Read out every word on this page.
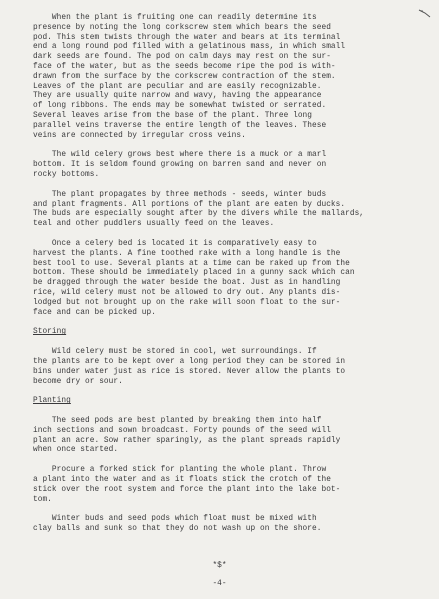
When the plant is fruiting one can readily determine its
presence by noting the long corkscrew stem which bears the seed
pod. This stem twists through the water and bears at its terminal
end a long round pod filled with a gelatinous mass, in which small
dark seeds are found. The pod on calm days may rest on the sur-
face of the water, but as the seeds become ripe the pod is with-
drawn from the surface by the corkscrew contraction of the stem.
Leaves of the plant are peculiar and are easily recognizable.
They are usually quite narrow and wavy, having the appearance
of long ribbons. The ends may be somewhat twisted or serrated.
Several leaves arise from the base of the plant. Three long
parallel veins traverse the entire length of the leaves. These
veins are connected by irregular cross veins.

The wild celery grows best where there is a muck or a marl
bottom. It is seldom found growing on barren sand and never on
rocky bottoms.

The plant propagates by three methods - seeds, winter buds
and plant fragments. All portions of the plant are eaten by ducks.
The buds are especially sought after by the divers while the mallards,
teal and other puddlers usually feed on the leaves.

Once a celery bed is located it is comparatively easy to
harvest the plants. A fine toothed rake with a long handle is the
best tool to use. Several plants at a time can be raked up from the
bottom. These should be immediately placed in a gunny sack which can
be dragged through the water beside the boat. Just as in handling
rice, wild celery must not be allowed to dry out. Any plants dis-
lodged but not brought up on the rake will soon float to the sur-
face and can be picked up.

Storing

Wild celery must be stored in cool, wet surroundings. If
the plants are to be kept over a long period they can be stored in
bins under water just as rice is stored. Never allow the plants to
become dry or sour.

Planting

The seed pods are best planted by breaking them into half
inch sections and sown broadcast. Forty pounds of the seed will
plant an acre. Sow rather sparingly, as the plant spreads rapidly
when once started.

Procure a forked stick for planting the whole plant. Throw
a plant into the water and as it floats stick the crotch of the
stick over the root system and force the plant into the lake bot-
tom.

Winter buds and seed pods which float must be mixed with
clay balls and sunk so that they do not wash up on the shore.

*$*
-4-
